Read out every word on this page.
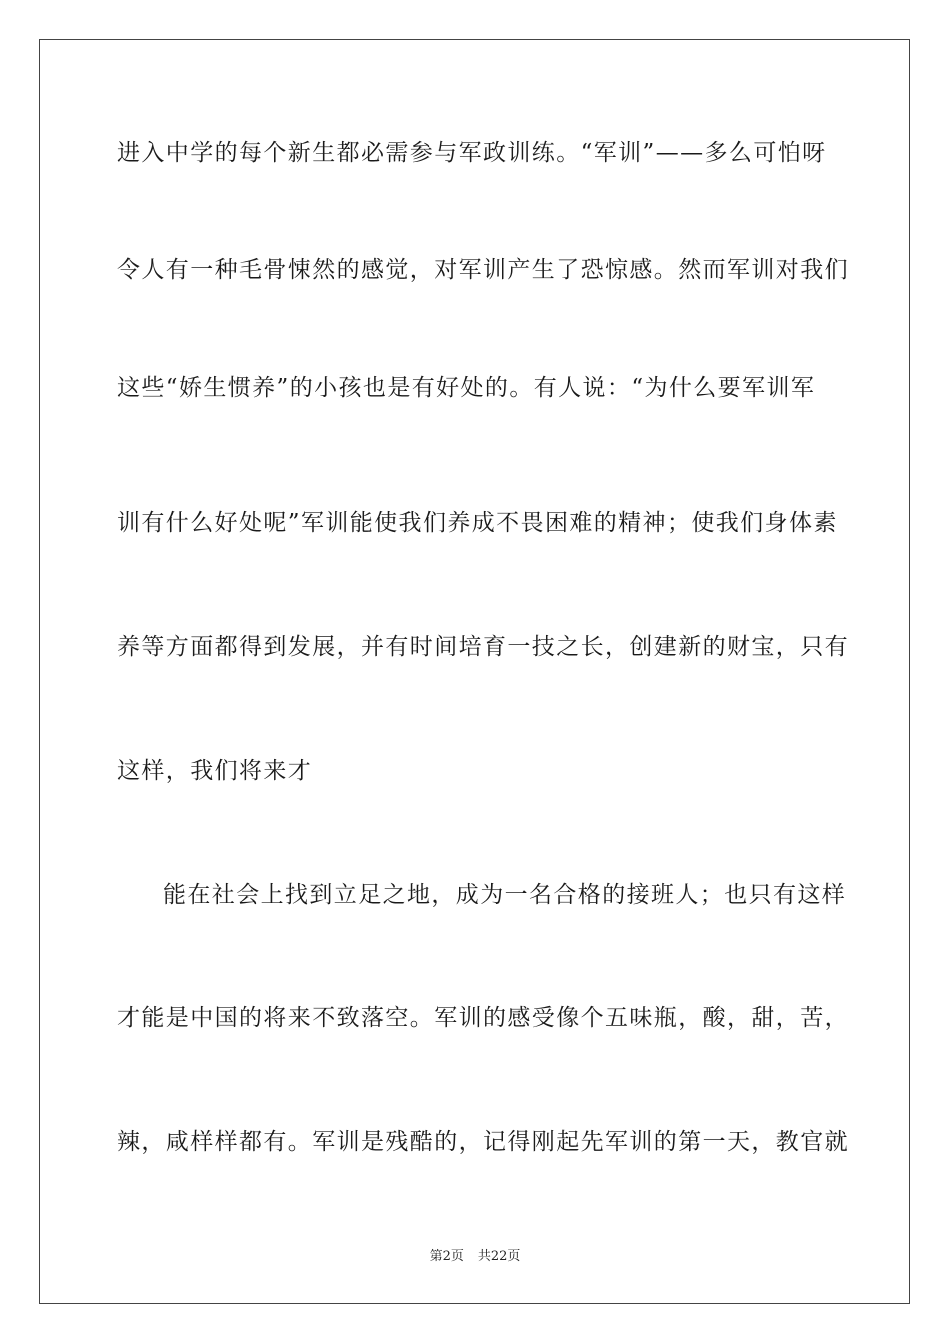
进入中学的每个新生都必需参与军政训练。“军训”——多么可怕呀
令人有一种毛骨悚然的感觉，对军训产生了恐惊感。然而军训对我们
这些“娇生惯养”的小孩也是有好处的。有人说：“为什么要军训军
训有什么好处呢”军训能使我们养成不畏困难的精神；使我们身体素
养等方面都得到发展，并有时间培育一技之长，创建新的财宝，只有
这样，我们将来才
能在社会上找到立足之地，成为一名合格的接班人；也只有这样
才能是中国的将来不致落空。军训的感受像个五味瓶，酸，甜，苦，
辣，咸样样都有。军训是残酷的，记得刚起先军训的第一天，教官就
第2页 共22页
